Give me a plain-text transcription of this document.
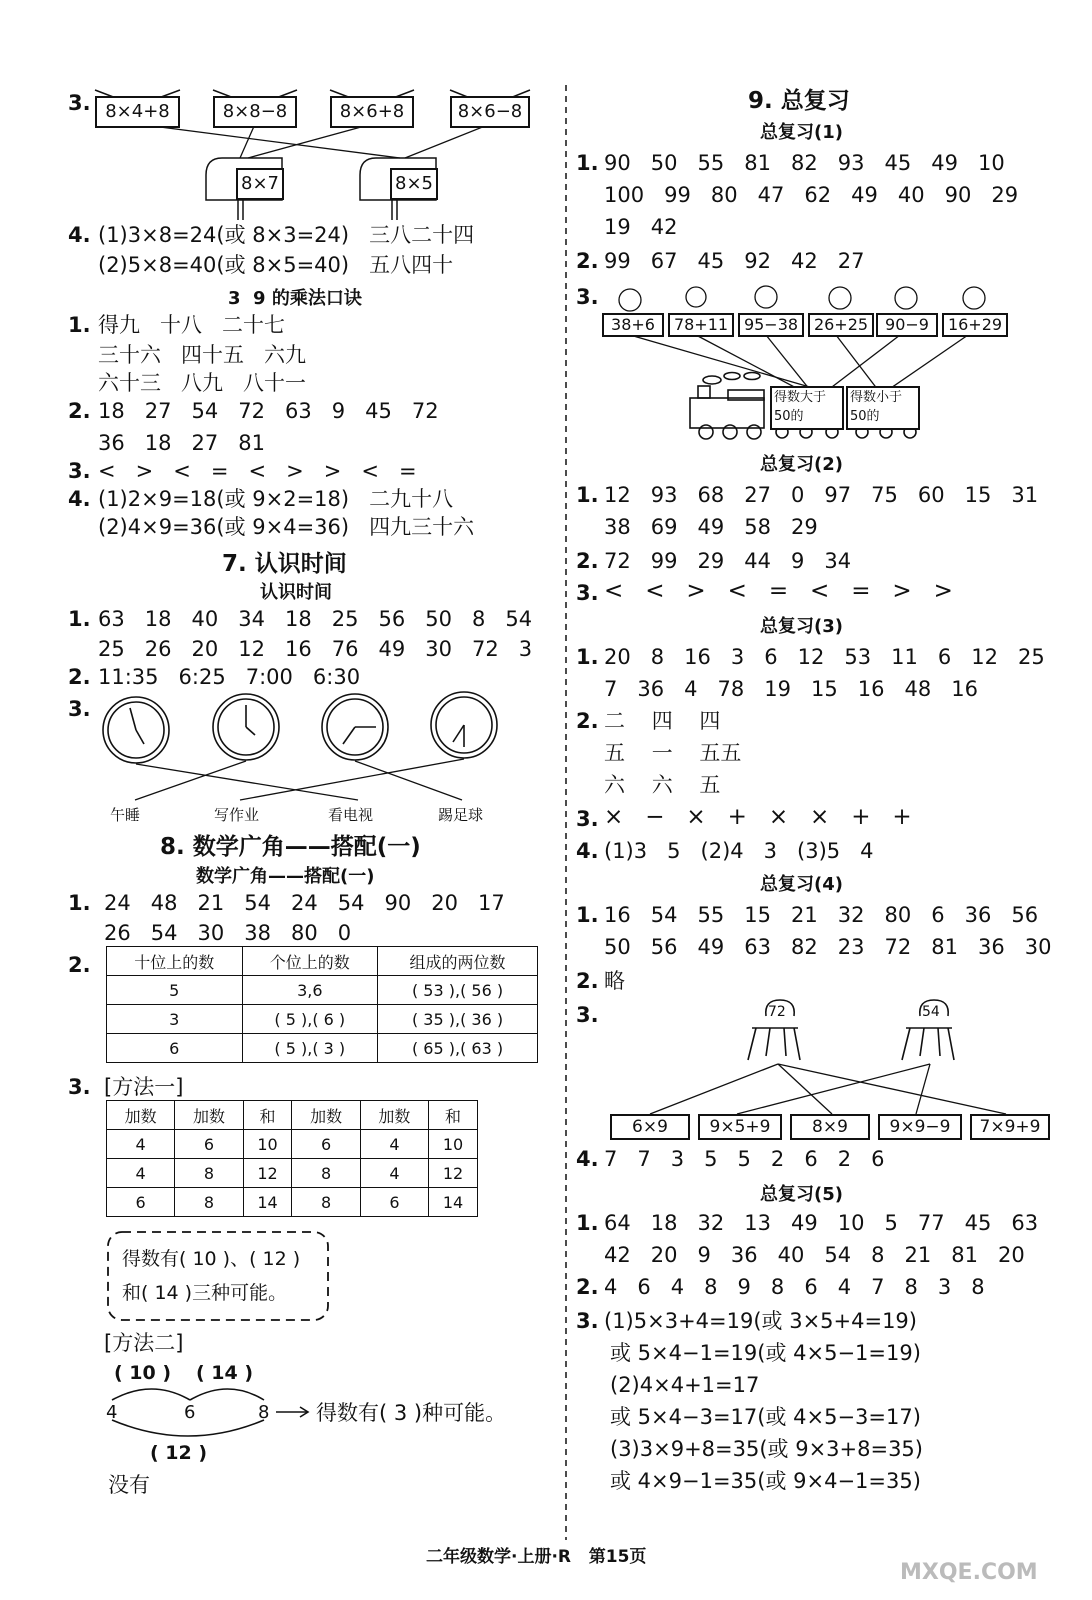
3. 8×4+8	8×8−8	8×6+8	8×6−8
8×7	8×5
4. (1)3×8=24(或 8×3=24)   三八二十四
(2)5×8=40(或 8×5=40)   五八四十
3  9 的乘法口诀
1. 得九   十八   二十七
三十六   四十五   六九
六十三   八九   八十一
2. 18   27   54   72   63   9   45   72
36   18   27   81
3. <   >   <   =   <   >   >   <   =
4. (1)2×9=18(或 9×2=18)   二九十八
(2)4×9=36(或 9×4=36)   四九三十六
7. 认识时间
认识时间
1. 63   18   40   34   18   25   56   50   8   54
25   26   20   12   16   76   49   30   72   3
2. 11:35   6:25   7:00   6:30
3.
午睡	写作业	看电视	踢足球
8. 数学广角——搭配(一)
数学广角——搭配(一)
1. 24   48   21   54   24   54   90   20   17
26   54   30   38   80   0
2.	十位上的数	个位上的数	组成的两位数
5	3,6	( 53 ),( 56 )
3	( 5 ),( 6 )	( 35 ),( 36 )
6	( 5 ),( 3 )	( 65 ),( 63 )
3. [方法一]
加数	加数	和	加数	加数	和
4	6	10	6	4	10
4	8	12	8	4	12
6	8	14	8	6	14
得数有( 10 )、( 12 )
和( 14 )三种可能。
[方法二]
( 10 ) ( 14 )
4	6	8 得数有( 3 )种可能。
( 12 )
没有
9. 总复习
总复习(1)
1. 90   50   55   81   82   93   45   49   10
100   99   80   47   62   49   40   90   29
19   42
2. 99   67   45   92   42   27
3.
38+6	78+11 95−38 26+25	90−9	16+29
得数大于50的
得数小于50的
总复习(2)
1. 12   93   68   27   0   97   75   60   15   31
38   69   49   58   29
2. 72   99   29   44   9   34
3. <   <   >   <   =   <   =   >   >
总复习(3)
1. 20   8   16   3   6   12   53   11   6   12   25
7   36   4   78   19   15   16   48   16
2. 二    四    四
五    一    五五
六    六    五
3. ×   −   ×   +   ×   ×   +   +
4. (1)3   5   (2)4   3   (3)5   4
总复习(4)
1. 16   54   55   15   21   32   80   6   36   56
50   56   49   63   82   23   72   81   36   30
2. 略
3.	72	54
6×9	9×5+9	8×9	9×9−9	7×9+9
4. 7   7   3   5   5   2   6   2   6
总复习(5)
1. 64   18   32   13   49   10   5   77   45   63
42   20   9   36   40   54   8   21   81   20
2. 4   6   4   8   9   8   6   4   7   8   3   8
3. (1)5×3+4=19(或 3×5+4=19)
或 5×4−1=19(或 4×5−1=19)
(2)4×4+1=17
或 5×4−3=17(或 4×5−3=17)
(3)3×9+8=35(或 9×3+8=35)
或 4×9−1=35(或 9×4−1=35)
二年级数学·上册·R   第15页
MXQE.COM
